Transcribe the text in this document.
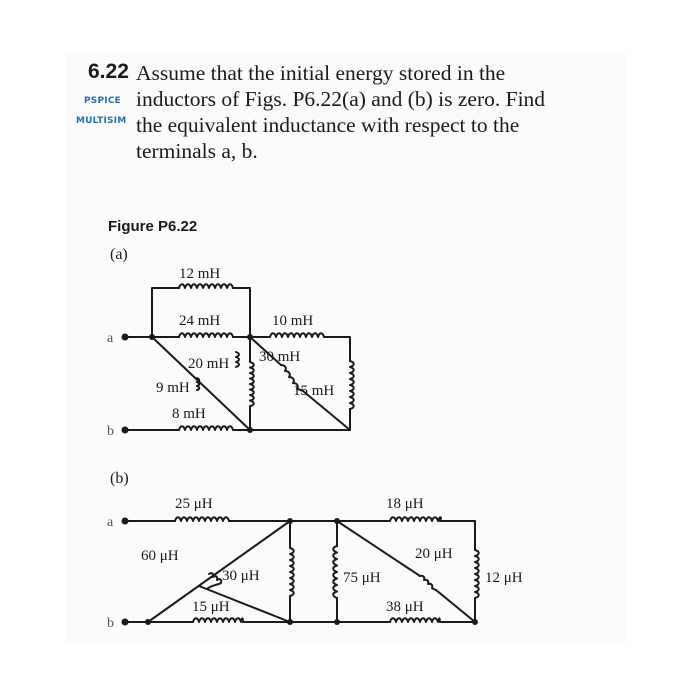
6.22
PSPICE
MULTISIM
Assume that the initial energy stored in the
inductors of Figs. P6.22(a) and (b) is zero. Find
the equivalent inductance with respect to the
terminals a, b.
Figure P6.22
(a)
(b)
a
b
12 mH
24 mH	10 mH
20 mH 30 mH
9 mH	15 mH
8 mH
a
b
25 μH
60 μH
30 μH
15 μH
18 μH
20 μH
75 μH
38 μH
12 μH
